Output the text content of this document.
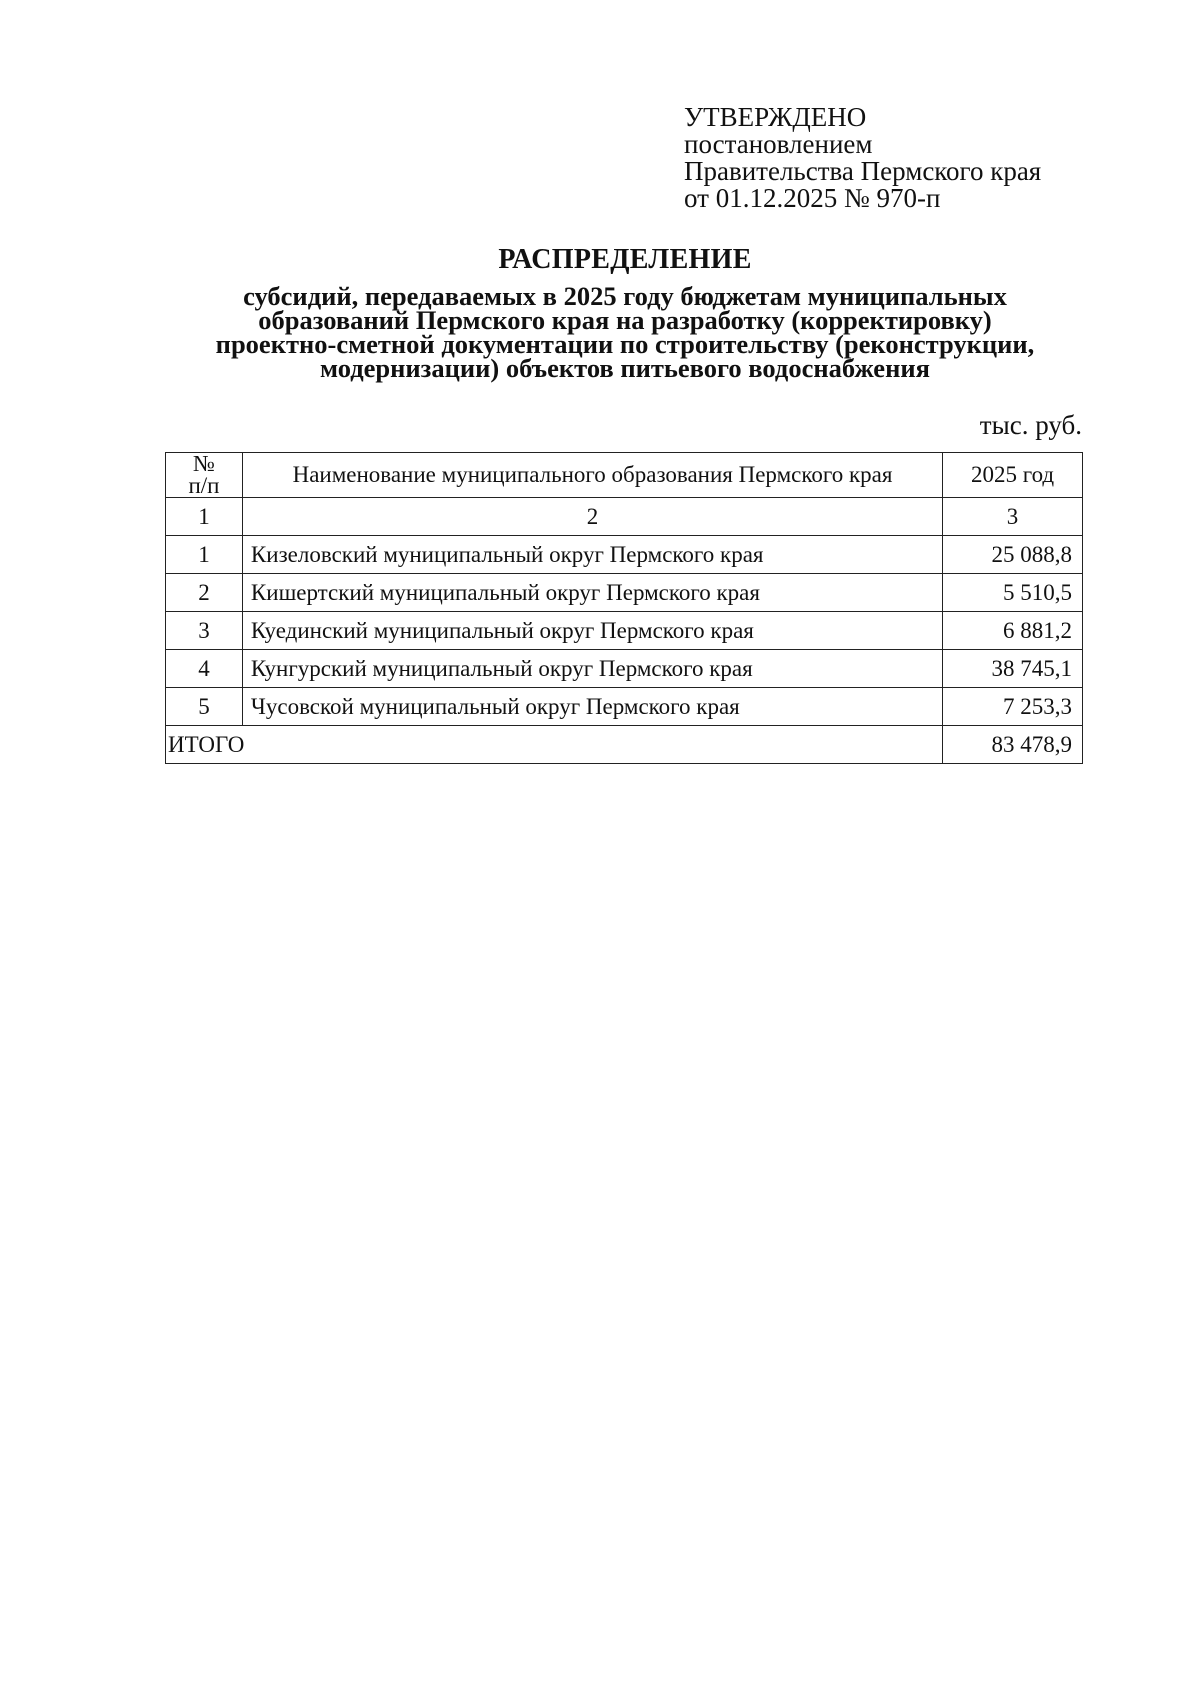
УТВЕРЖДЕНО
постановлением
Правительства Пермского края
от 01.12.2025 № 970-п
РАСПРЕДЕЛЕНИЕ
субсидий, передаваемых в 2025 году бюджетам муниципальных
образований Пермского края на разработку (корректировку)
проектно-сметной документации по строительству (реконструкции,
модернизации) объектов питьевого водоснабжения
тыс. руб.
№
п/п	Наименование муниципального образования Пермского края	2025 год
1	2	3
1	Кизеловский муниципальный округ Пермского края	25 088,8
2	Кишертский муниципальный округ Пермского края	5 510,5
3	Куединский муниципальный округ Пермского края	6 881,2
4	Кунгурский муниципальный округ Пермского края	38 745,1
5	Чусовской муниципальный округ Пермского края	7 253,3
ИТОГО		83 478,9
